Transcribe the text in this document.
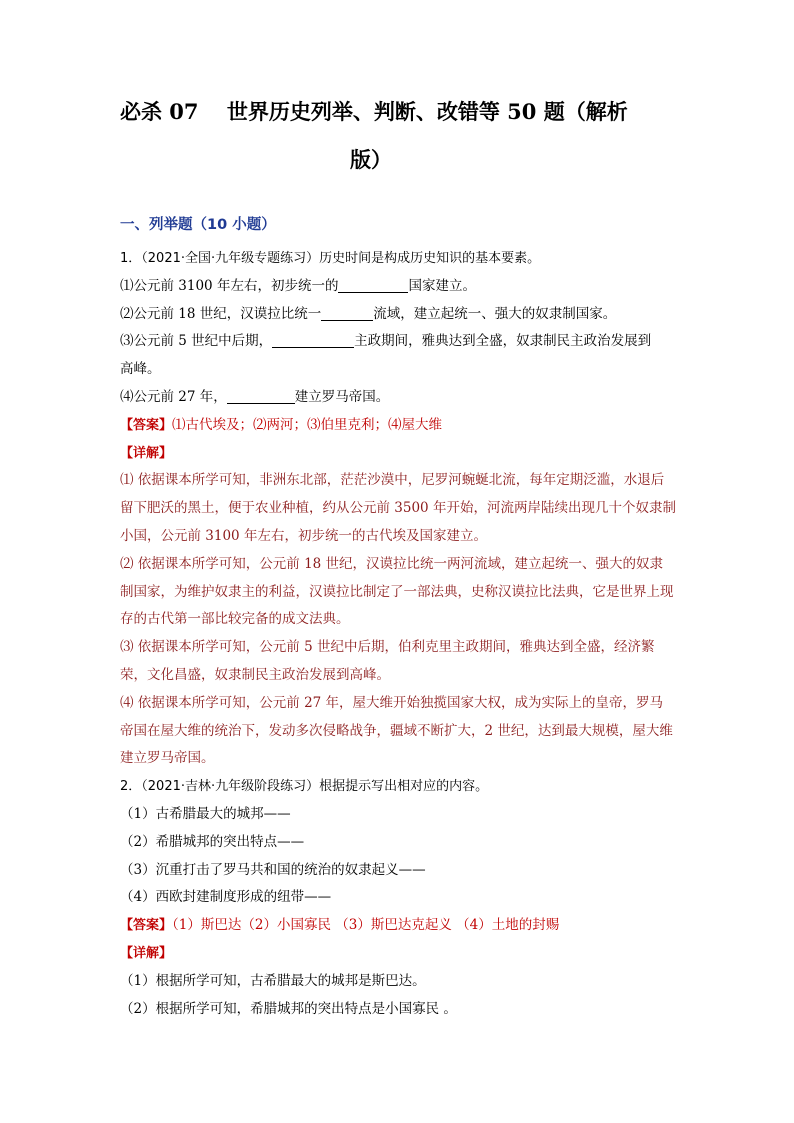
必杀 07　 世界历史列举、判断、改错等 50 题（解析
版）
一、列举题（10 小题）
1．（2021·全国·九年级专题练习）历史时间是构成历史知识的基本要素。
⑴公元前 3100 年左右，初步统一的	国家建立。
⑵公元前 18 世纪，汉谟拉比统一	流域，建立起统一、强大的奴隶制国家。
⑶公元前 5 世纪中后期，	主政期间，雅典达到全盛，奴隶制民主政治发展到
高峰。
⑷公元前 27 年，	建立罗马帝国。
【答案】⑴古代埃及；⑵两河；⑶伯里克利；⑷屋大维
【详解】
⑴ 依据课本所学可知，非洲东北部，茫茫沙漠中，尼罗河蜿蜒北流，每年定期泛滥，水退后留下肥沃的黑土，便于农业种植，约从公元前 3500 年开始，河流两岸陆续出现几十个奴隶制小国，公元前 3100 年左右，初步统一的古代埃及国家建立。
⑵ 依据课本所学可知，公元前 18 世纪，汉谟拉比统一两河流域，建立起统一、强大的奴隶制国家，为维护奴隶主的利益，汉谟拉比制定了一部法典，史称汉谟拉比法典，它是世界上现存的古代第一部比较完备的成文法典。
⑶ 依据课本所学可知，公元前 5 世纪中后期，伯利克里主政期间，雅典达到全盛，经济繁荣，文化昌盛，奴隶制民主政治发展到高峰。
⑷ 依据课本所学可知，公元前 27 年，屋大维开始独揽国家大权，成为实际上的皇帝，罗马帝国在屋大维的统治下，发动多次侵略战争，疆域不断扩大，2 世纪，达到最大规模，屋大维建立罗马帝国。
2．（2021·吉林·九年级阶段练习）根据提示写出相对应的内容。
（1）古希腊最大的城邦——
（2）希腊城邦的突出特点——
（3）沉重打击了罗马共和国的统治的奴隶起义——
（4）西欧封建制度形成的纽带——
【答案】（1）斯巴达（2）小国寡民 （3）斯巴达克起义 （4）土地的封赐
【详解】
（1）根据所学可知，古希腊最大的城邦是斯巴达。
（2）根据所学可知，希腊城邦的突出特点是小国寡民 。
